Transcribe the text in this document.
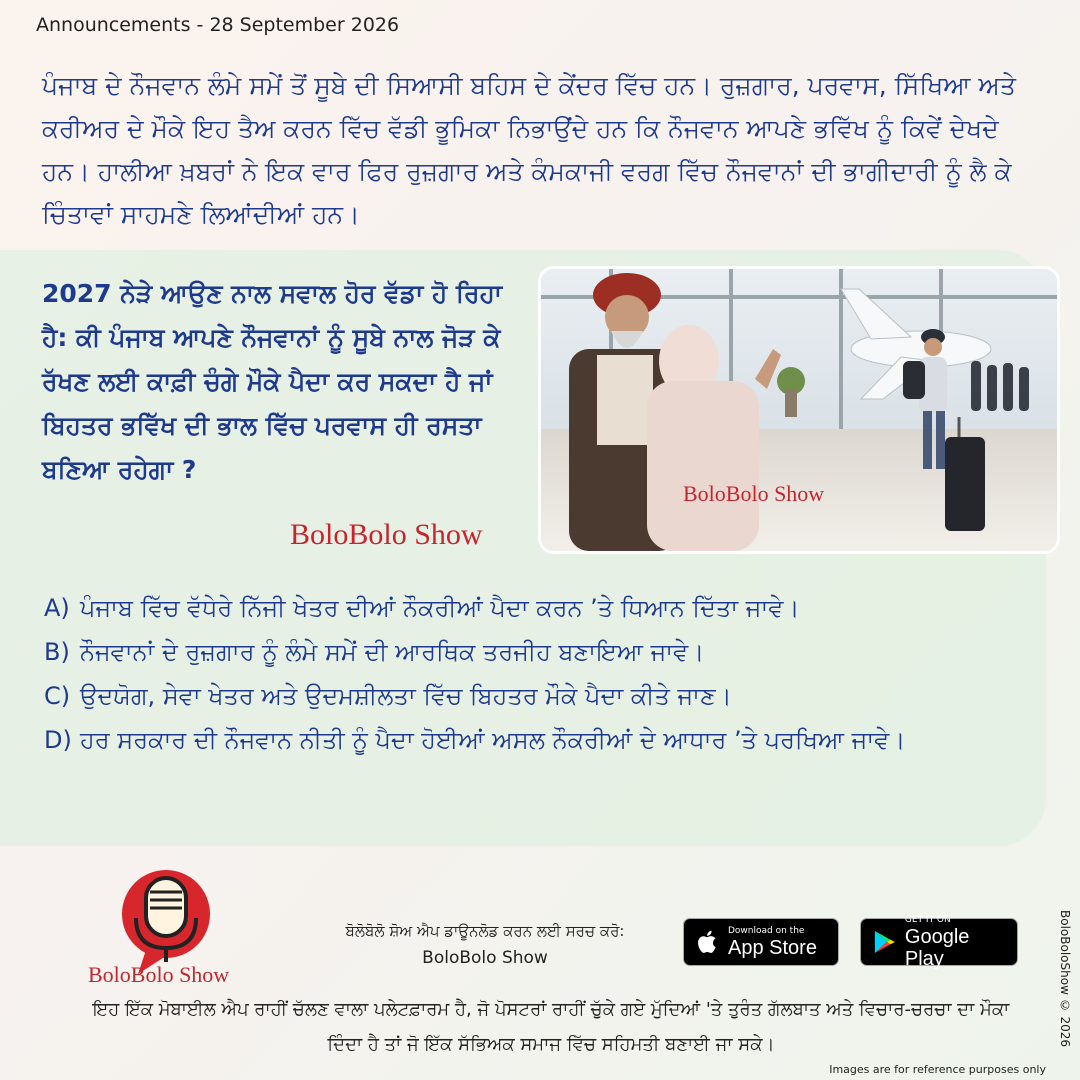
Announcements - 28 September 2026

ਪੰਜਾਬ ਦੇ ਨੌਜਵਾਨ ਲੰਮੇ ਸਮੇਂ ਤੋਂ ਸੂਬੇ ਦੀ ਸਿਆਸੀ ਬਹਿਸ ਦੇ ਕੇਂਦਰ ਵਿੱਚ ਹਨ। ਰੁਜ਼ਗਾਰ, ਪਰਵਾਸ, ਸਿੱਖਿਆ ਅਤੇ ਕਰੀਅਰ ਦੇ ਮੌਕੇ ਇਹ ਤੈਅ ਕਰਨ ਵਿੱਚ ਵੱਡੀ ਭੂਮਿਕਾ ਨਿਭਾਉਂਦੇ ਹਨ ਕਿ ਨੌਜਵਾਨ ਆਪਣੇ ਭਵਿੱਖ ਨੂੰ ਕਿਵੇਂ ਦੇਖਦੇ ਹਨ। ਹਾਲੀਆ ਖ਼ਬਰਾਂ ਨੇ ਇਕ ਵਾਰ ਫਿਰ ਰੁਜ਼ਗਾਰ ਅਤੇ ਕੰਮਕਾਜੀ ਵਰਗ ਵਿੱਚ ਨੌਜਵਾਨਾਂ ਦੀ ਭਾਗੀਦਾਰੀ ਨੂੰ ਲੈ ਕੇ ਚਿੰਤਾਵਾਂ ਸਾਹਮਣੇ ਲਿਆਂਦੀਆਂ ਹਨ।

2027 ਨੇੜੇ ਆਉਣ ਨਾਲ ਸਵਾਲ ਹੋਰ ਵੱਡਾ ਹੋ ਰਿਹਾ ਹੈ: ਕੀ ਪੰਜਾਬ ਆਪਣੇ ਨੌਜਵਾਨਾਂ ਨੂੰ ਸੂਬੇ ਨਾਲ ਜੋੜ ਕੇ ਰੱਖਣ ਲਈ ਕਾਫ਼ੀ ਚੰਗੇ ਮੌਕੇ ਪੈਦਾ ਕਰ ਸਕਦਾ ਹੈ ਜਾਂ ਬਿਹਤਰ ਭਵਿੱਖ ਦੀ ਭਾਲ ਵਿੱਚ ਪਰਵਾਸ ਹੀ ਰਸਤਾ ਬਣਿਆ ਰਹੇਗਾ ?

BoloBolo Show
BoloBolo Show
A) ਪੰਜਾਬ ਵਿੱਚ ਵੱਧੇਰੇ ਨਿੱਜੀ ਖੇਤਰ ਦੀਆਂ ਨੌਕਰੀਆਂ ਪੈਦਾ ਕਰਨ ’ਤੇ ਧਿਆਨ ਦਿੱਤਾ ਜਾਵੇ।
B) ਨੌਜਵਾਨਾਂ ਦੇ ਰੁਜ਼ਗਾਰ ਨੂੰ ਲੰਮੇ ਸਮੇਂ ਦੀ ਆਰਥਿਕ ਤਰਜੀਹ ਬਣਾਇਆ ਜਾਵੇ।
C) ਉਦਯੋਗ, ਸੇਵਾ ਖੇਤਰ ਅਤੇ ਉਦਮਸ਼ੀਲਤਾ ਵਿੱਚ ਬਿਹਤਰ ਮੌਕੇ ਪੈਦਾ ਕੀਤੇ ਜਾਣ।
D) ਹਰ ਸਰਕਾਰ ਦੀ ਨੌਜਵਾਨ ਨੀਤੀ ਨੂੰ ਪੈਦਾ ਹੋਈਆਂ ਅਸਲ ਨੌਕਰੀਆਂ ਦੇ ਆਧਾਰ ’ਤੇ ਪਰਖਿਆ ਜਾਵੇ।
BoloBolo Show
ਬੋਲੋਬੋਲੋ ਸ਼ੋਅ ਐਪ ਡਾਊਨਲੋਡ ਕਰਨ ਲਈ ਸਰਚ ਕਰੋ:
BoloBolo Show
Download on the
App Store
GET IT ON
Google Play	BoloBoloShow © 2026

ਇਹ ਇੱਕ ਮੋਬਾਈਲ ਐਪ ਰਾਹੀਂ ਚੱਲਣ ਵਾਲਾ ਪਲੇਟਫ਼ਾਰਮ ਹੈ, ਜੋ ਪੋਸਟਰਾਂ ਰਾਹੀਂ ਚੁੱਕੇ ਗਏ ਮੁੱਦਿਆਂ 'ਤੇ ਤੁਰੰਤ ਗੱਲਬਾਤ ਅਤੇ ਵਿਚਾਰ-ਚਰਚਾ ਦਾ ਮੌਕਾ ਦਿੰਦਾ ਹੈ ਤਾਂ ਜੋ ਇੱਕ ਸੱਭਿਅਕ ਸਮਾਜ ਵਿੱਚ ਸਹਿਮਤੀ ਬਣਾਈ ਜਾ ਸਕੇ।

Images are for reference purposes only
